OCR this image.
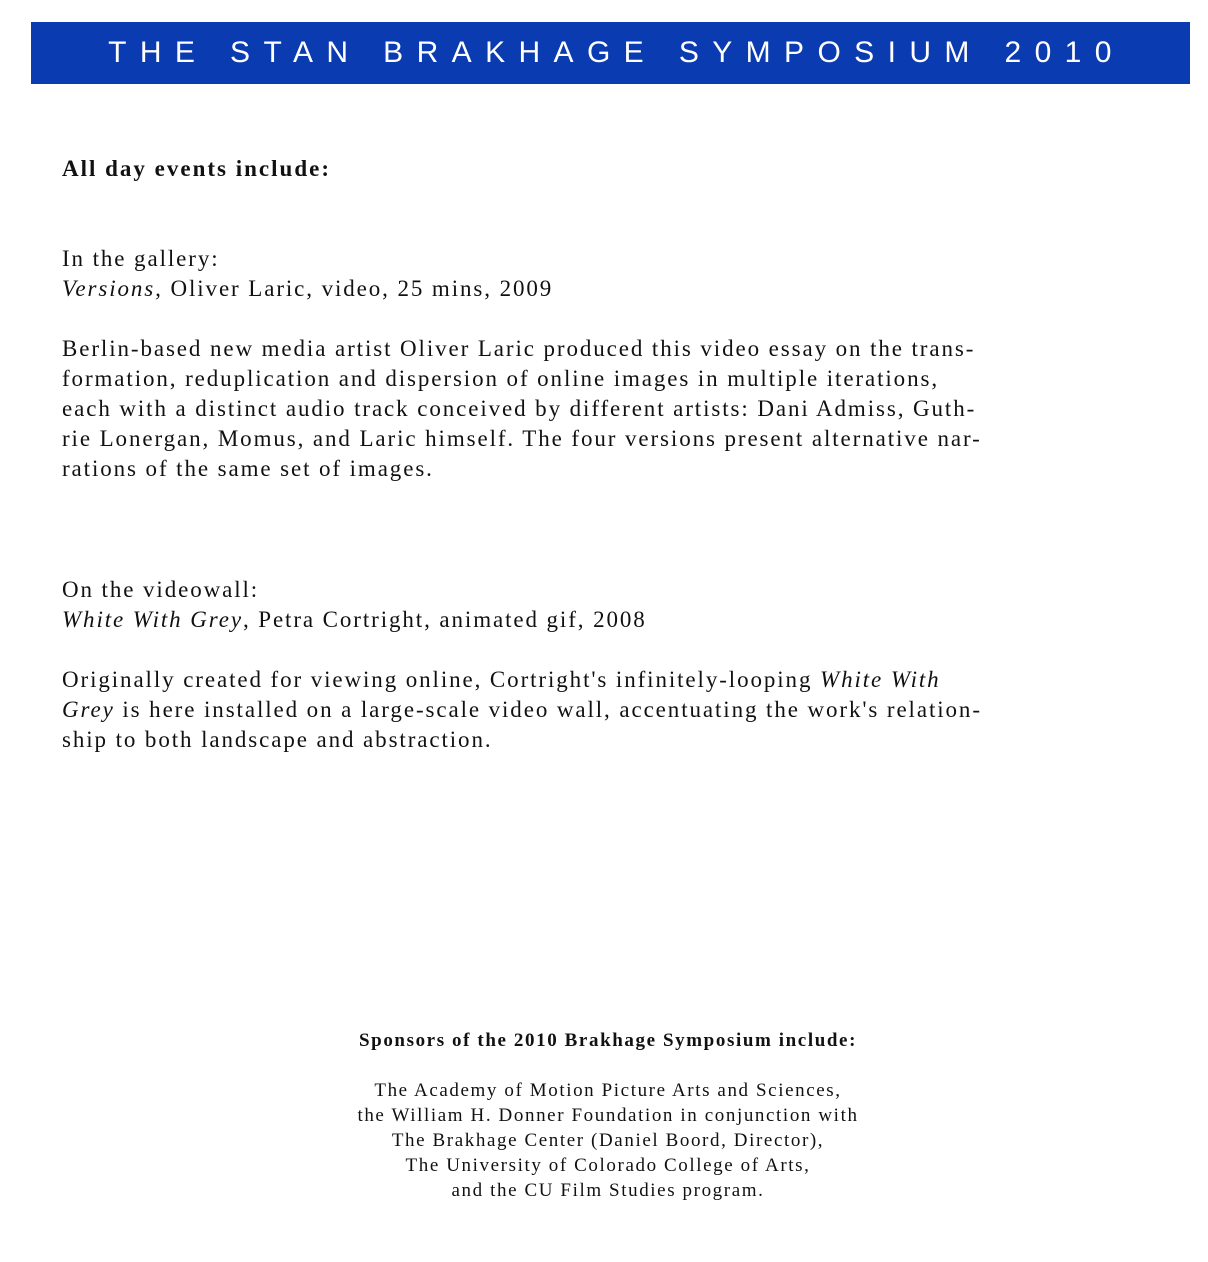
THE STAN BRAKHAGE SYMPOSIUM 2010
All day events include:
In the gallery:
Versions, Oliver Laric, video, 25 mins, 2009
Berlin-based new media artist Oliver Laric produced this video essay on the trans-
formation, reduplication and dispersion of online images in multiple iterations,
each with a distinct audio track conceived by different artists: Dani Admiss, Guth-
rie Lonergan, Momus, and Laric himself. The four versions present alternative nar-
rations of the same set of images.
On the videowall:
White With Grey, Petra Cortright, animated gif, 2008
Originally created for viewing online, Cortright's infinitely-looping White With
Grey is here installed on a large-scale video wall, accentuating the work's relation-
ship to both landscape and abstraction.
Sponsors of the 2010 Brakhage Symposium include:
The Academy of Motion Picture Arts and Sciences,
the William H. Donner Foundation in conjunction with
The Brakhage Center (Daniel Boord, Director),
The University of Colorado College of Arts,
and the CU Film Studies program.
